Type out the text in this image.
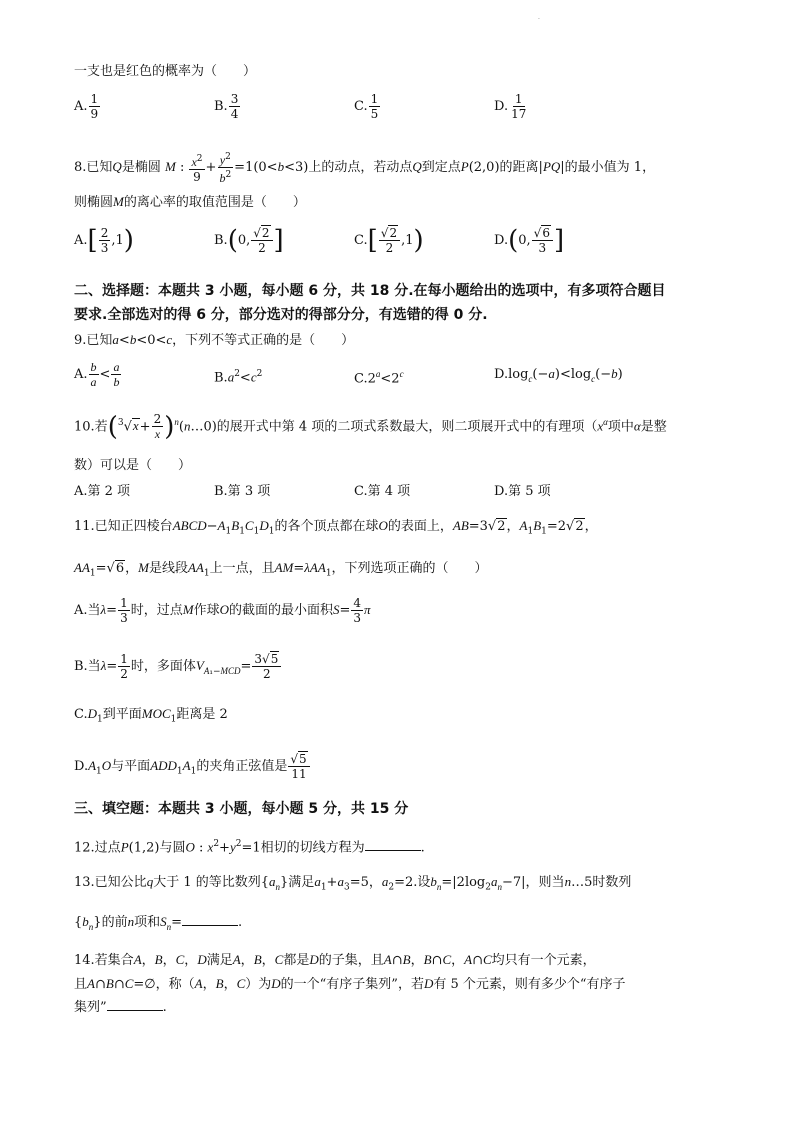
.
一支也是红色的概率为（　　）
A. $\frac{1}{9}$	B. $\frac{3}{4}$	C. $\frac{1}{5}$	D. $\frac{1}{17}$
8.已知Q是椭圆 M : $\frac{x^2}{9} + \frac{y^2}{b^2} =1(0<b<3)$上的动点，若动点Q到定点P(2,0)的距离|PQ|的最小值为 1，
则椭圆M的离心率的取值范围是（　　）
$A.[ \frac{2}{3} ,1)$	B.(0, $\frac{√2}{2}$ ]	$C.[ \frac{√2}{2} ,1)$	D.(0, $\frac{√6}{3}$ ]
二、选择题：本题共 3 小题，每小题 6 分，共 18 分.在每小题给出的选项中，有多项符合题目
要求.全部选对的得 6 分，部分选对的得部分分，有选错的得 0 分.
9.已知a<b<0<c，下列不等式正确的是（　　）
A. $\frac{b}{a} < \frac{a}{b}$	$B.a^2<c^2$	$C.2^a<2^c$	$D.\log_c(-a)<\log_c(-b)$
10.若($^3√x+ \frac{2}{x}$ )$^n(n\dots 0)$的展开式中第 4 项的二项式系数最大，则二项展开式中的有理项（$x^\alpha$项中α是整
数）可以是（　　）
A.第 2 项	B.第 3 项	C.第 4 项	D.第 5 项
11.已知正四棱台$ABCD-A_1B_1C_1D_1$的各个顶点都在球O的表面上，AB=3√2，$A_1B_1=2√2$，
$AA_1=√6$，M是线段$AA_1$上一点，且AM=λAA$_1$，下列选项正确的（　　）
A.当$\lambda= \frac{1}{3}$ 时，过点M作球O的截面的最小面积$S= \frac{4}{3}$ π
B.当$\lambda= \frac{1}{2}$ 时，多面体$V_{A_1-MCD}= \frac{3√5}{2}$
$C.D_1$到平面$MOC_1$距离是 2
$D.A_1O$与平面$ADD_1A_1$的夹角正弦值是 $\frac{√5}{11}$
三、填空题：本题共 3 小题，每小题 5 分，共 15 分
12.过点P(1,2)与圆O : $x^2+y^2=1$相切的切线方程为	.
13.已知公比q大于 1 的等比数列$\{a_n\}$满足$a_1+a_3=5$，$a_2=2$.设$b_n=|2\log_2a_n-7|$，则当n…5时数列
$\{b_n\}$的前n项和$S_n=$	.
14.若集合A，B，C，D满足A，B，C都是D的子集，且A∩B，B∩C，A∩C均只有一个元素，
且A∩B∩C=∅，称（A，B，C）为D的一个“有序子集列”，若D有 5 个元素，则有多少个“有序子
集列”	.
